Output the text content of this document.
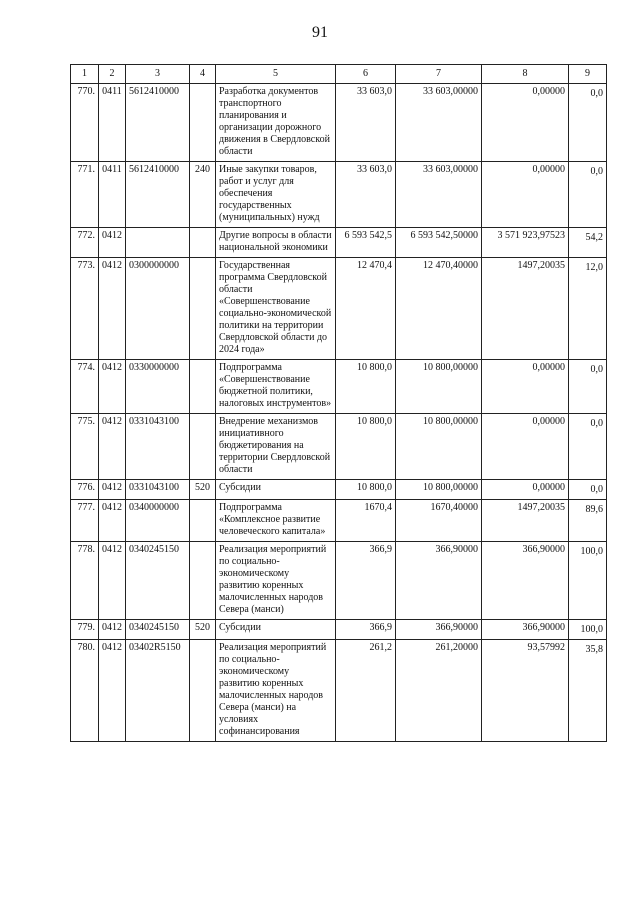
91
1	2	3	4	5	6	7	8	9
770.	0411	5612410000		Разработка документов транспортного планирования и организации дорожного движения в Свердловской области	33 603,0	33 603,00000	0,00000	0,0

771.	0411	5612410000	240	Иные закупки товаров, работ и услуг для обеспечения государственных (муниципальных) нужд	33 603,0	33 603,00000	0,00000	0,0

772.	0412			Другие вопросы в области национальной экономики	6 593 542,5	6 593 542,50000	3 571 923,97523	54,2

773.	0412	0300000000		Государственная программа Свердловской области «Совершенствование социально-экономической политики на территории Свердловской области до 2024 года»	12 470,4	12 470,40000	1497,20035	12,0

774.	0412	0330000000		Подпрограмма «Совершенствование бюджетной политики, налоговых инструментов»	10 800,0	10 800,00000	0,00000	0,0

775.	0412	0331043100		Внедрение механизмов инициативного бюджетирования на территории Свердловской области	10 800,0	10 800,00000	0,00000	0,0

776.	0412	0331043100	520	Субсидии	10 800,0	10 800,00000	0,00000	0,0

777.	0412	0340000000		Подпрограмма «Комплексное развитие человеческого капитала»	1670,4	1670,40000	1497,20035	89,6

778.	0412	0340245150		Реализация мероприятий по социально-экономическому развитию коренных малочисленных народов Севера (манси)	366,9	366,90000	366,90000	100,0

779.	0412	0340245150	520	Субсидии	366,9	366,90000	366,90000	100,0

780.	0412	03402R5150		Реализация мероприятий по социально-экономическому развитию коренных малочисленных народов Севера (манси) на условиях софинансирования	261,2	261,20000	93,57992	35,8
